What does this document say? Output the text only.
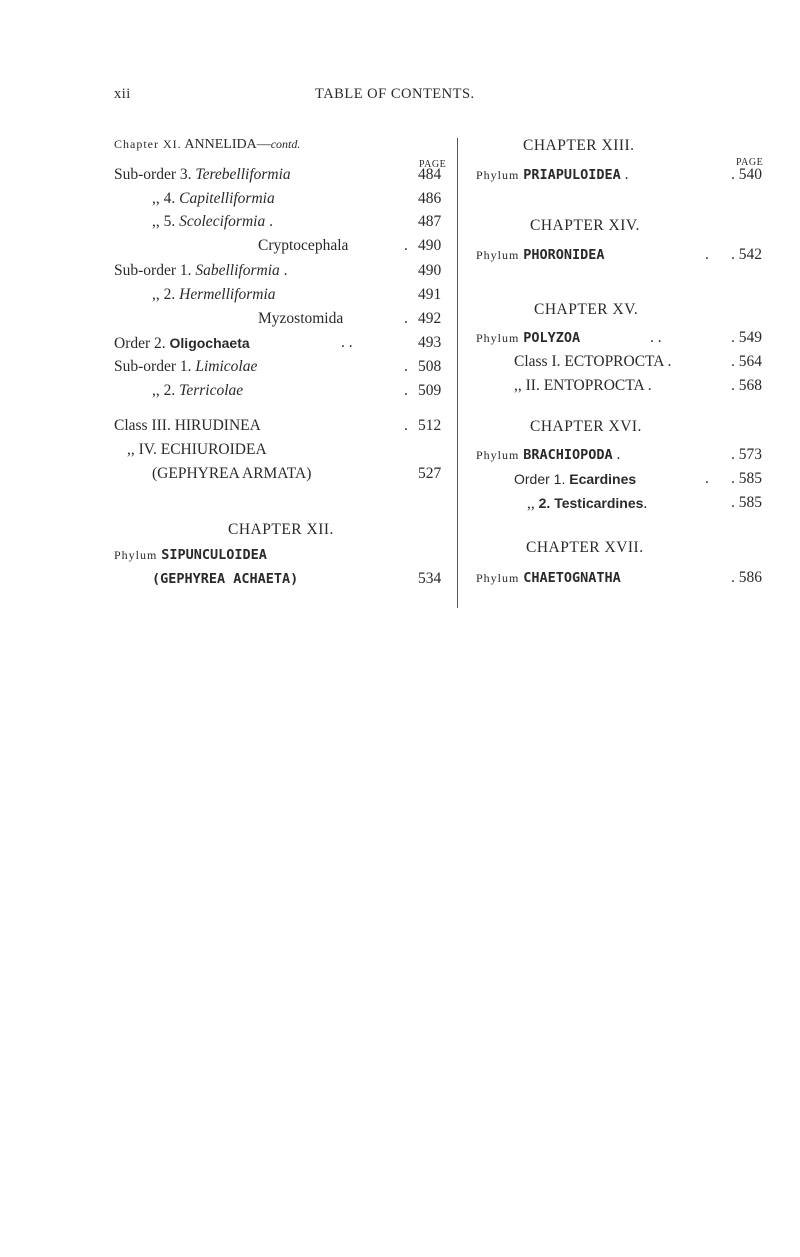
xii	TABLE OF CONTENTS.
Chapter XI. ANNELIDA—contd.
PAGE
Sub-order 3. Terebelliformia	484
,, 4. Capitelliformia	486
,, 5. Scoleciformia .	487
Cryptocephala	. 490
Sub-order 1. Sabelliformia .	490
,, 2. Hermelliformia	491
Myzostomida	. 492
Order 2. Oligochaeta	. .	493
Sub-order 1. Limicolae	. 508
,, 2. Terricolae	. 509
Class III. HIRUDINEA	. 512
,, IV. ECHIUROIDEA
(GEPHYREA ARMATA)	527
CHAPTER XII.
Phylum SIPUNCULOIDEA
(GEPHYREA ACHAETA)	534
CHAPTER XIII.
PAGE
Phylum PRIAPULOIDEA .	. 540
CHAPTER XIV.
Phylum PHORONIDEA	. . 542
CHAPTER XV.
Phylum POLYZOA	. .	. 549
Class I. ECTOPROCTA .	. 564
,, II. ENTOPROCTA .	. 568
CHAPTER XVI.
Phylum BRACHIOPODA .	. 573
Order 1. Ecardines	. . 585
,, 2. Testicardines.	. 585
CHAPTER XVII.
Phylum CHAETOGNATHA	. 586
